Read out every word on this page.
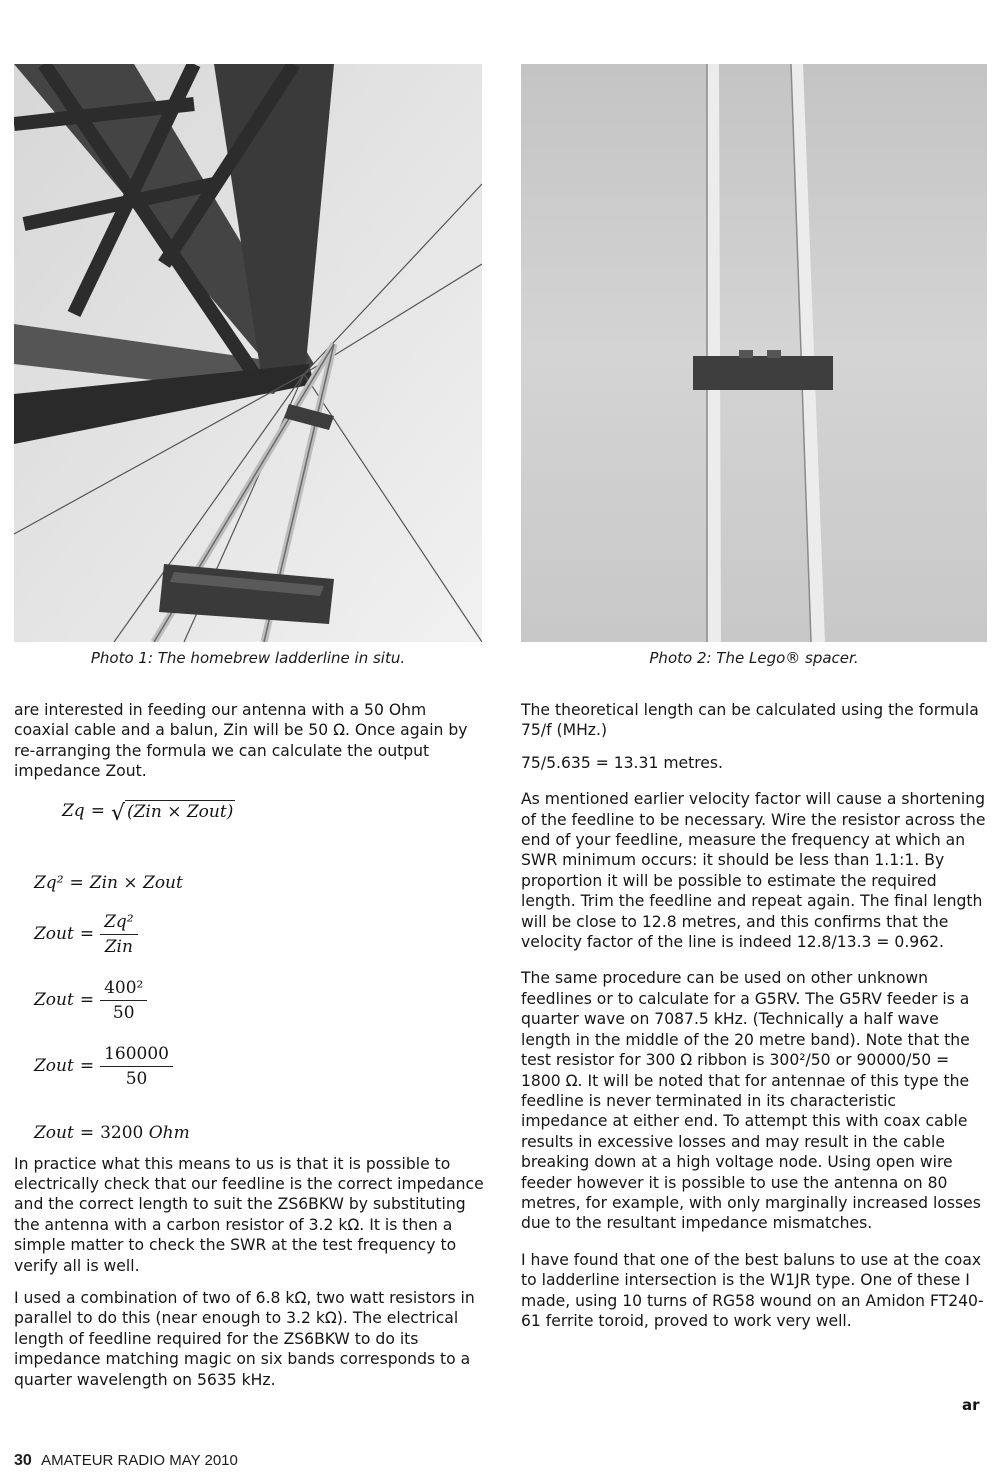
Photo 1: The homebrew ladderline in situ.	Photo 2: The Lego® spacer.

are interested in feeding our antenna with a 50 Ohm coaxial cable and a balun, Zin will be 50 Ω. Once again by re-arranging the formula we can calculate the output impedance Zout.

Zq = √ (Zin × Zout)
Zq² = Zin × Zout
Zout = $\frac{\text{Zq²}}{\text{Zin}}$
Zout = $\frac{\text{400²}}{50}$
Zout = $\frac{160000}{50}$
Zout = 3200
Ohm

In practice what this means to us is that it is possible to electrically check that our feedline is the correct impedance and the correct length to suit the ZS6BKW by substituting the antenna with a carbon resistor of 3.2 kΩ. It is then a simple matter to check the SWR at the test frequency to verify all is well.

I used a combination of two of 6.8 kΩ, two watt resistors in parallel to do this (near enough to 3.2 kΩ). The electrical length of feedline required for the ZS6BKW to do its impedance matching magic on six bands corresponds to a quarter wavelength on 5635 kHz.

The theoretical length can be calculated using the formula 75/f (MHz.)

75/5.635 = 13.31 metres.

As mentioned earlier velocity factor will cause a shortening of the feedline to be necessary. Wire the resistor across the end of your feedline, measure the frequency at which an SWR minimum occurs: it should be less than 1.1:1. By proportion it will be possible to estimate the required length. Trim the feedline and repeat again. The final length will be close to 12.8 metres, and this confirms that the velocity factor of the line is indeed 12.8/13.3 = 0.962.

The same procedure can be used on other unknown feedlines or to calculate for a G5RV. The G5RV feeder is a quarter wave on 7087.5 kHz. (Technically a half wave length in the middle of the 20 metre band). Note that the test resistor for 300 Ω ribbon is 300²/50 or 90000/50 = 1800 Ω. It will be noted that for antennae of this type the feedline is never terminated in its characteristic impedance at either end. To attempt this with coax cable results in excessive losses and may result in the cable breaking down at a high voltage node. Using open wire feeder however it is possible to use the antenna on 80 metres, for example, with only marginally increased losses due to the resultant impedance mismatches.

I have found that one of the best baluns to use at the coax to ladderline intersection is the W1JR type. One of these I made, using 10 turns of RG58 wound on an Amidon FT240-61 ferrite toroid, proved to work very well.

ar
30 AMATEUR RADIO MAY 2010
